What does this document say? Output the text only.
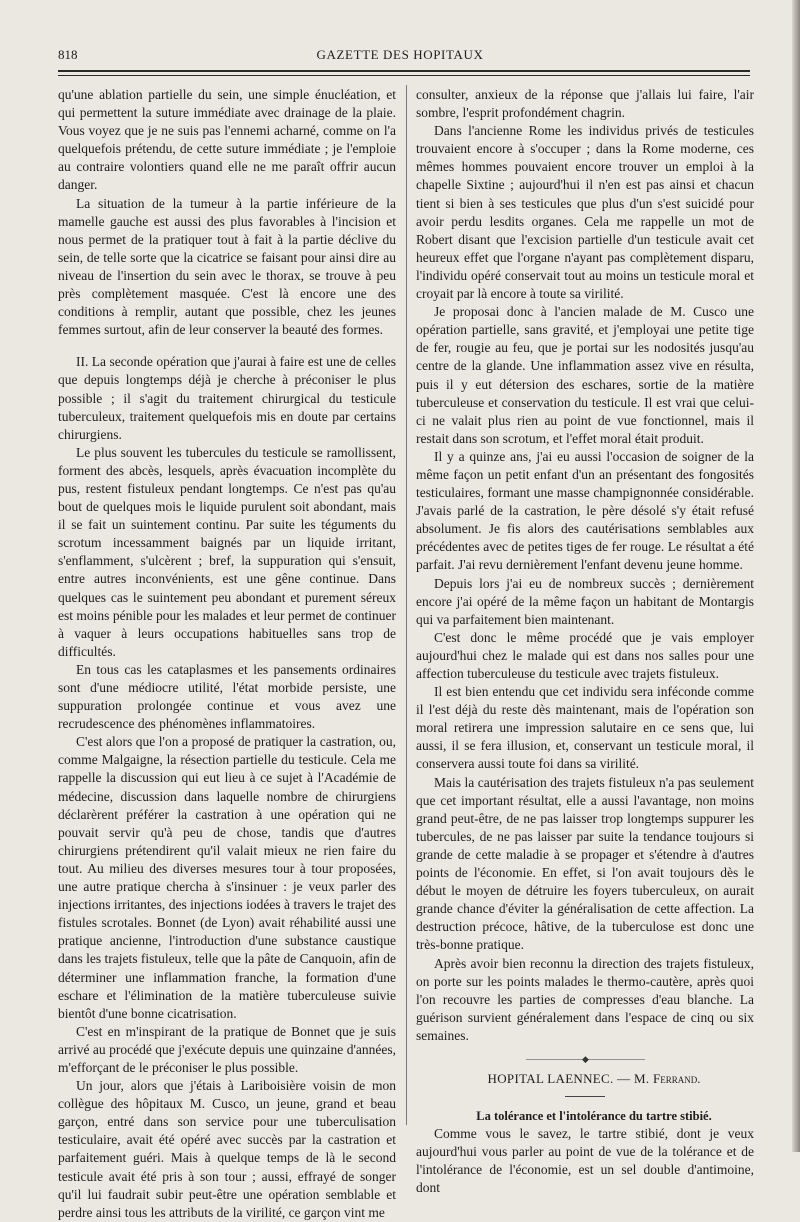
818	GAZETTE DES HOPITAUX

qu'une ablation partielle du sein, une simple énucléation, et qui permettent la suture immédiate avec drainage de la plaie. Vous voyez que je ne suis pas l'ennemi acharné, comme on l'a quelquefois prétendu, de cette suture immédiate ; je l'emploie au contraire volontiers quand elle ne me paraît offrir aucun danger.

La situation de la tumeur à la partie inférieure de la mamelle gauche est aussi des plus favorables à l'incision et nous permet de la pratiquer tout à fait à la partie déclive du sein, de telle sorte que la cicatrice se faisant pour ainsi dire au niveau de l'insertion du sein avec le thorax, se trouve à peu près complètement masquée. C'est là encore une des conditions à remplir, autant que possible, chez les jeunes femmes surtout, afin de leur conserver la beauté des formes.

II. La seconde opération que j'aurai à faire est une de celles que depuis longtemps déjà je cherche à préconiser le plus possible ; il s'agit du traitement chirurgical du testicule tuberculeux, traitement quelquefois mis en doute par certains chirurgiens.

Le plus souvent les tubercules du testicule se ramollissent, forment des abcès, lesquels, après évacuation incomplète du pus, restent fistuleux pendant longtemps. Ce n'est pas qu'au bout de quelques mois le liquide purulent soit abondant, mais il se fait un suintement continu. Par suite les téguments du scrotum incessamment baignés par un liquide irritant, s'enflamment, s'ulcèrent ; bref, la suppuration qui s'ensuit, entre autres inconvénients, est une gêne continue. Dans quelques cas le suintement peu abondant et purement séreux est moins pénible pour les malades et leur permet de continuer à vaquer à leurs occupations habituelles sans trop de difficultés.

En tous cas les cataplasmes et les pansements ordinaires sont d'une médiocre utilité, l'état morbide persiste, une suppuration prolongée continue et vous avez une recrudescence des phénomènes inflammatoires.

C'est alors que l'on a proposé de pratiquer la castration, ou, comme Malgaigne, la résection partielle du testicule. Cela me rappelle la discussion qui eut lieu à ce sujet à l'Académie de médecine, discussion dans laquelle nombre de chirurgiens déclarèrent préférer la castration à une opération qui ne pouvait servir qu'à peu de chose, tandis que d'autres chirurgiens prétendirent qu'il valait mieux ne rien faire du tout. Au milieu des diverses mesures tour à tour proposées, une autre pratique chercha à s'insinuer : je veux parler des injections irritantes, des injections iodées à travers le trajet des fistules scrotales. Bonnet (de Lyon) avait réhabilité aussi une pratique ancienne, l'introduction d'une substance caustique dans les trajets fistuleux, telle que la pâte de Canquoin, afin de déterminer une inflammation franche, la formation d'une eschare et l'élimination de la matière tuberculeuse suivie bientôt d'une bonne cicatrisation.

C'est en m'inspirant de la pratique de Bonnet que je suis arrivé au procédé que j'exécute depuis une quinzaine d'années, m'efforçant de le préconiser le plus possible.

Un jour, alors que j'étais à Lariboisière voisin de mon collègue des hôpitaux M. Cusco, un jeune, grand et beau garçon, entré dans son service pour une tuberculisation testiculaire, avait été opéré avec succès par la castration et parfaitement guéri. Mais à quelque temps de là le second testicule avait été pris à son tour ; aussi, effrayé de songer qu'il lui faudrait subir peut-être une opération semblable et perdre ainsi tous les attributs de la virilité, ce garçon vint me

consulter, anxieux de la réponse que j'allais lui faire, l'air sombre, l'esprit profondément chagrin.

Dans l'ancienne Rome les individus privés de testicules trouvaient encore à s'occuper ; dans la Rome moderne, ces mêmes hommes pouvaient encore trouver un emploi à la chapelle Sixtine ; aujourd'hui il n'en est pas ainsi et chacun tient si bien à ses testicules que plus d'un s'est suicidé pour avoir perdu lesdits organes. Cela me rappelle un mot de Robert disant que l'excision partielle d'un testicule avait cet heureux effet que l'organe n'ayant pas complètement disparu, l'individu opéré conservait tout au moins un testicule moral et croyait par là encore à toute sa virilité.

Je proposai donc à l'ancien malade de M. Cusco une opération partielle, sans gravité, et j'employai une petite tige de fer, rougie au feu, que je portai sur les nodosités jusqu'au centre de la glande. Une inflammation assez vive en résulta, puis il y eut détersion des eschares, sortie de la matière tuberculeuse et conservation du testicule. Il est vrai que celui-ci ne valait plus rien au point de vue fonctionnel, mais il restait dans son scrotum, et l'effet moral était produit.

Il y a quinze ans, j'ai eu aussi l'occasion de soigner de la même façon un petit enfant d'un an présentant des fongosités testiculaires, formant une masse champignonnée considérable. J'avais parlé de la castration, le père désolé s'y était refusé absolument. Je fis alors des cautérisations semblables aux précédentes avec de petites tiges de fer rouge. Le résultat a été parfait. J'ai revu dernièrement l'enfant devenu jeune homme.

Depuis lors j'ai eu de nombreux succès ; dernièrement encore j'ai opéré de la même façon un habitant de Montargis qui va parfaitement bien maintenant.

C'est donc le même procédé que je vais employer aujourd'hui chez le malade qui est dans nos salles pour une affection tuberculeuse du testicule avec trajets fistuleux.

Il est bien entendu que cet individu sera inféconde comme il l'est déjà du reste dès maintenant, mais de l'opération son moral retirera une impression salutaire en ce sens que, lui aussi, il se fera illusion, et, conservant un testicule moral, il conservera aussi toute foi dans sa virilité.

Mais la cautérisation des trajets fistuleux n'a pas seulement que cet important résultat, elle a aussi l'avantage, non moins grand peut-être, de ne pas laisser trop longtemps suppurer les tubercules, de ne pas laisser par suite la tendance toujours si grande de cette maladie à se propager et s'étendre à d'autres points de l'économie. En effet, si l'on avait toujours dès le début le moyen de détruire les foyers tuberculeux, on aurait grande chance d'éviter la généralisation de cette affection. La destruction précoce, hâtive, de la tuberculose est donc une très-bonne pratique.

Après avoir bien reconnu la direction des trajets fistuleux, on porte sur les points malades le thermo-cautère, après quoi l'on recouvre les parties de compresses d'eau blanche. La guérison survient généralement dans l'espace de cinq ou six semaines.

———————◆———————

HOPITAL LAENNEC. — M. Ferrand.

La tolérance et l'intolérance du tartre stibié.

Comme vous le savez, le tartre stibié, dont je veux aujourd'hui vous parler au point de vue de la tolérance et de l'intolérance de l'économie, est un sel double d'antimoine, dont
